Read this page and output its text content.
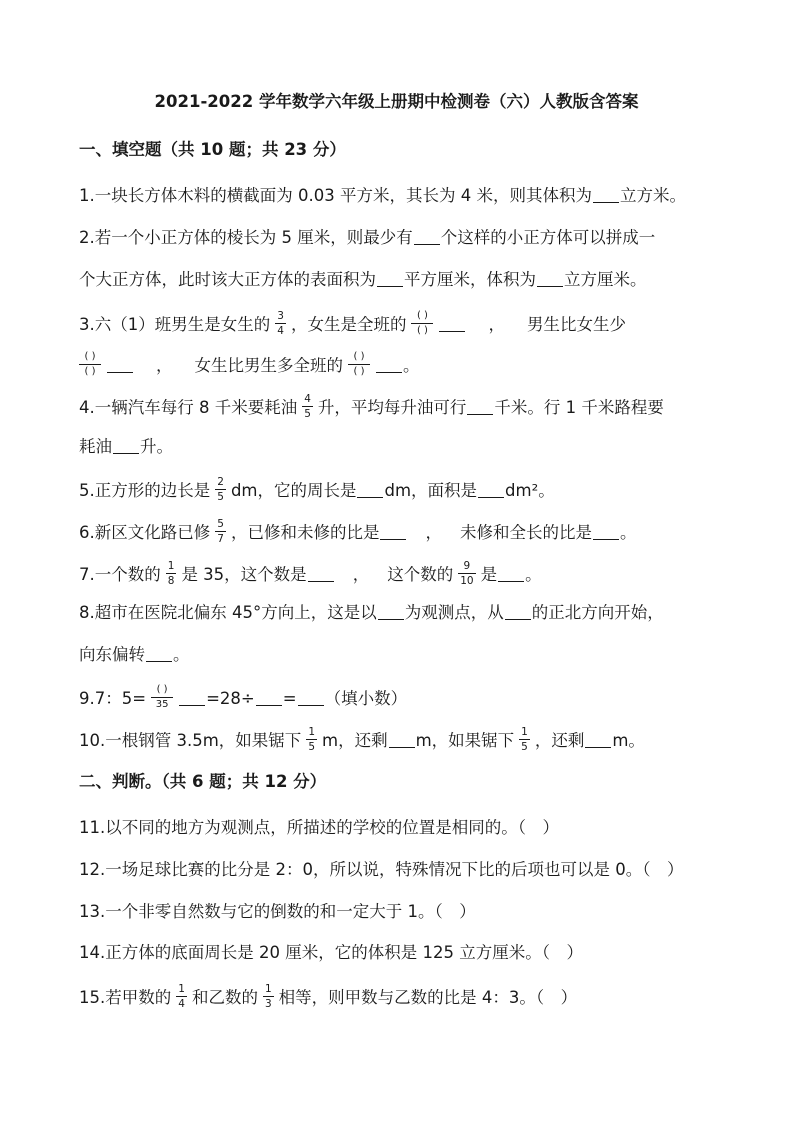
2021-2022 学年数学六年级上册期中检测卷（六）人教版含答案
一、填空题（共 10 题；共 23 分）
1.一块长方体木料的横截面为 0.03 平方米，其长为 4 米，则其体积为 立方米。
2.若一个小正方体的棱长为 5 厘米，则最少有 个这样的小正方体可以拼成一
个大正方体，此时该大正方体的表面积为 平方厘米，体积为 立方厘米。
3.六（1）班男生是女生的 $\frac{3}{4}$ ，女生是全班的 $\frac{( )}{( )}$	， 男生比女生少
$\frac{( )}{( )}$	， 女生比男生多全班的 $\frac{( )}{( )}$ 。
4.一辆汽车每行 8 千米要耗油 $\frac{4}{5}$ 升，平均每升油可行 千米。行 1 千米路程要
耗油 升。
5.正方形的边长是 $\frac{2}{5}$ dm，它的周长是 dm，面积是 dm²。
6.新区文化路已修 $\frac{5}{7}$ ，已修和未修的比是	， 未修和全长的比是 。
7.一个数的 $\frac{1}{8}$ 是 35，这个数是	， 这个数的 $\frac{9}{10}$ 是 。
8.超市在医院北偏东 45°方向上，这是以 为观测点，从 的正北方向开始，
向东偏转 。
9.7：$5= \frac{( )}{35} =28\div$ = （填小数）
10.一根钢管 3.5m，如果锯下 $\frac{1}{5}$ m，还剩 m，如果锯下 $\frac{1}{5}$ ，还剩 m。
二、判断。（共 6 题；共 12 分）
11.以不同的地方为观测点，所描述的学校的位置是相同的。（　）
12.一场足球比赛的比分是 2：0，所以说，特殊情况下比的后项也可以是 0。（　）
13.一个非零自然数与它的倒数的和一定大于 1。（　）
14.正方体的底面周长是 20 厘米，它的体积是 125 立方厘米。（　）
15.若甲数的 $\frac{1}{4}$ 和乙数的 $\frac{1}{3}$ 相等，则甲数与乙数的比是 4：3。（　）
